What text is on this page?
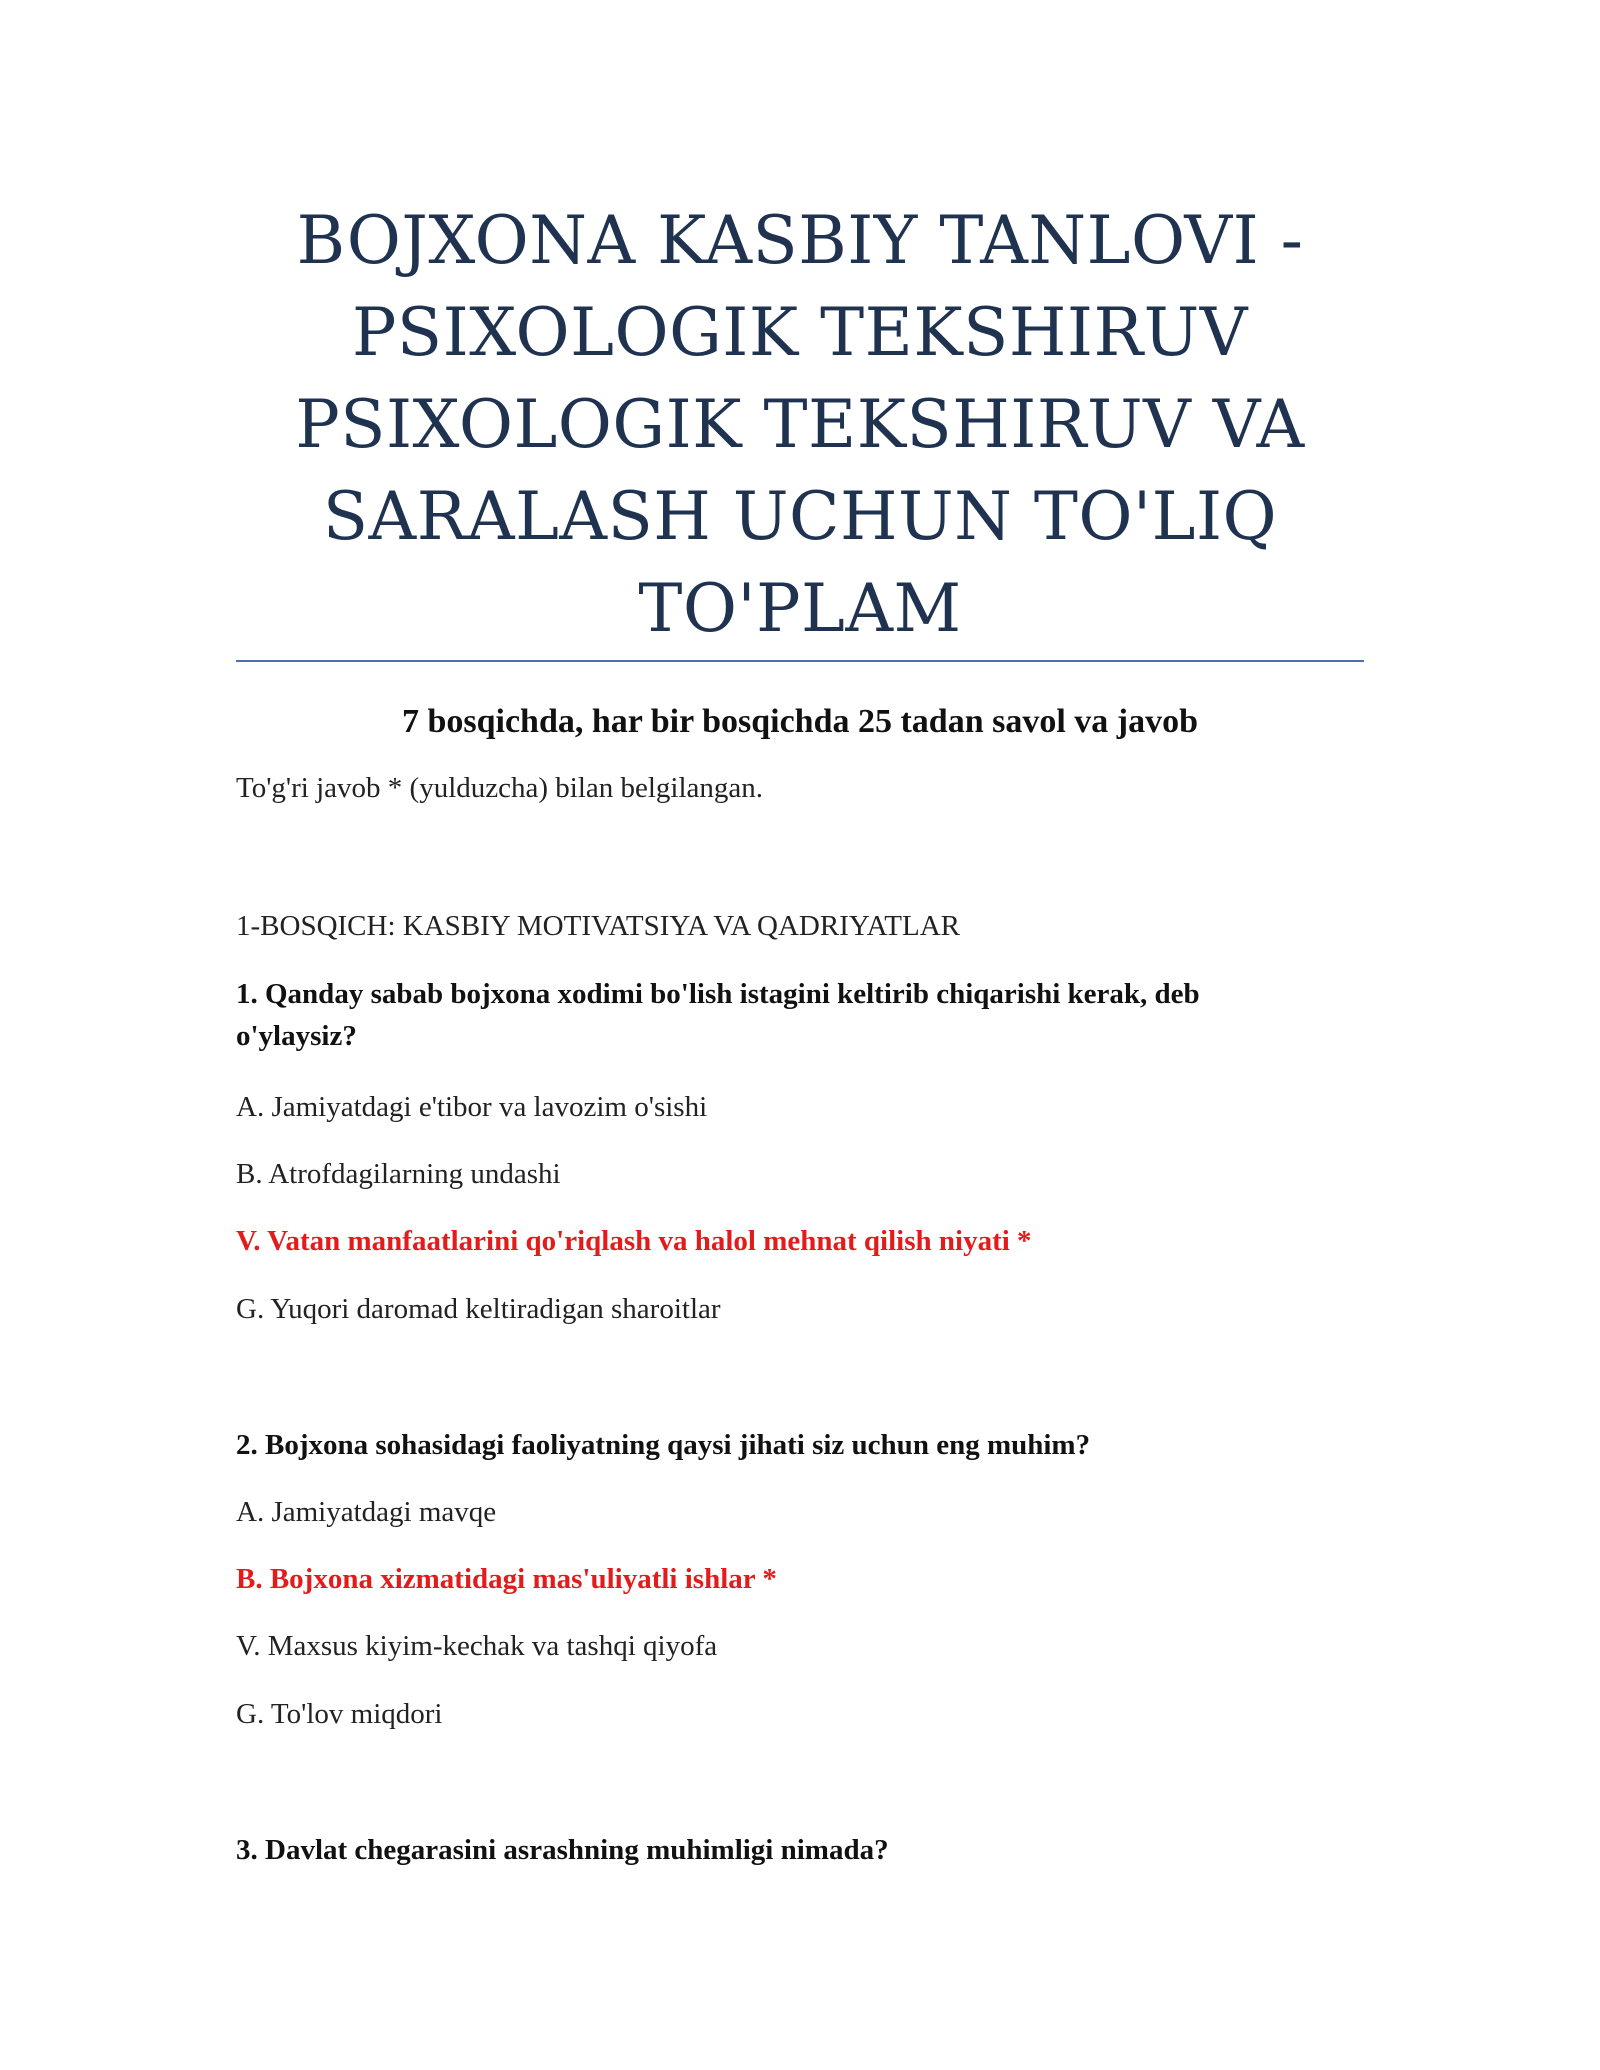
BOJXONA KASBIY TANLOVI -
PSIXOLOGIK TEKSHIRUV
PSIXOLOGIK TEKSHIRUV VA
SARALASH UCHUN TO'LIQ
TO'PLAM
7 bosqichda, har bir bosqichda 25 tadan savol va javob
To'g'ri javob * (yulduzcha) bilan belgilangan.
1-BOSQICH: KASBIY MOTIVATSIYA VA QADRIYATLAR
1. Qanday sabab bojxona xodimi bo'lish istagini keltirib chiqarishi kerak, deb
o'ylaysiz?
A. Jamiyatdagi e'tibor va lavozim o'sishi
B. Atrofdagilarning undashi
V. Vatan manfaatlarini qo'riqlash va halol mehnat qilish niyati *
G. Yuqori daromad keltiradigan sharoitlar
2. Bojxona sohasidagi faoliyatning qaysi jihati siz uchun eng muhim?
A. Jamiyatdagi mavqe
B. Bojxona xizmatidagi mas'uliyatli ishlar *
V. Maxsus kiyim-kechak va tashqi qiyofa
G. To'lov miqdori
3. Davlat chegarasini asrashning muhimligi nimada?
